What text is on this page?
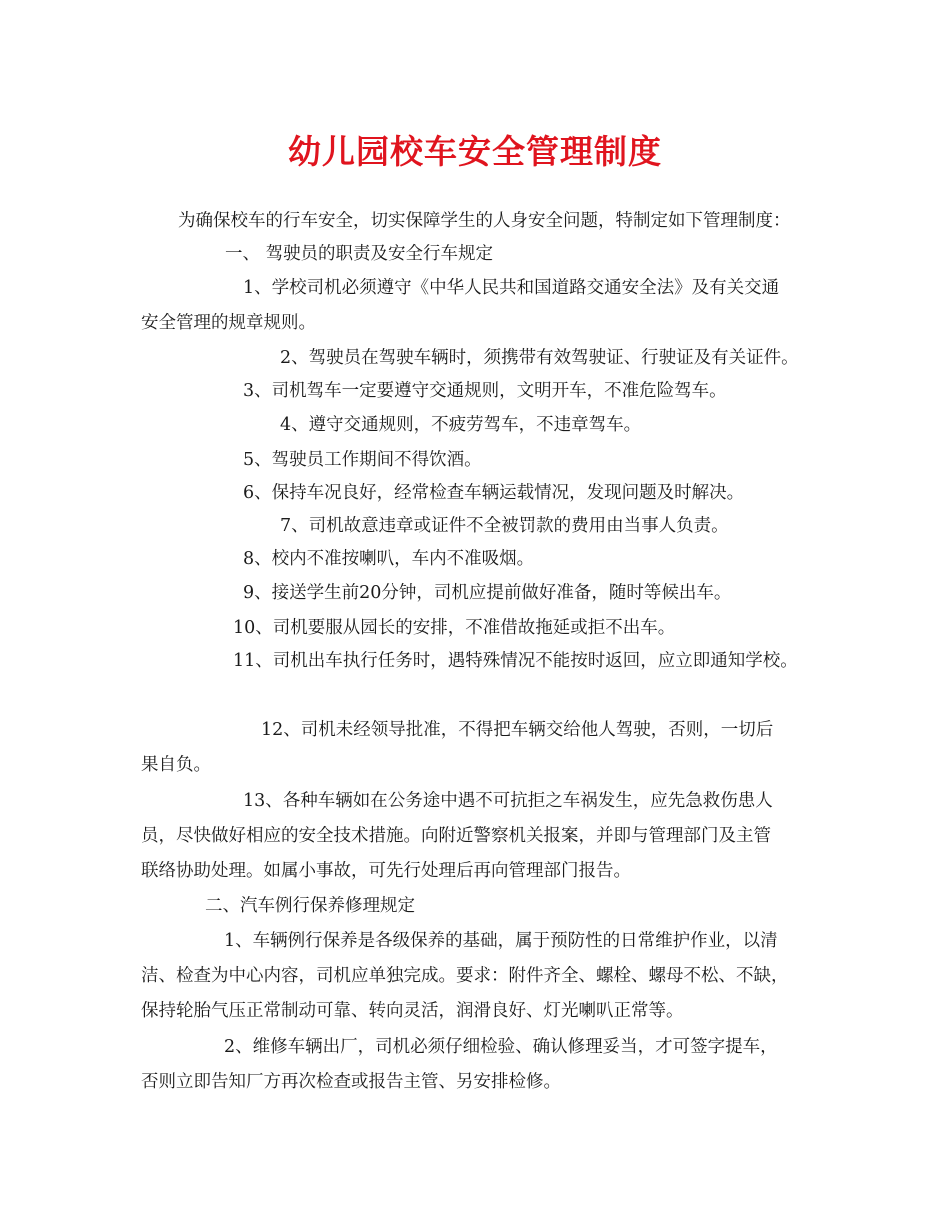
幼儿园校车安全管理制度
为确保校车的行车安全，切实保障学生的人身安全问题，特制定如下管理制度：
一、 驾驶员的职责及安全行车规定
1、学校司机必须遵守《中华人民共和国道路交通安全法》及有关交通
安全管理的规章规则。
2、驾驶员在驾驶车辆时，须携带有效驾驶证、行驶证及有关证件。
3、司机驾车一定要遵守交通规则，文明开车，不准危险驾车。
4、遵守交通规则，不疲劳驾车，不违章驾车。
5、驾驶员工作期间不得饮酒。
6、保持车况良好，经常检查车辆运载情况，发现问题及时解决。
7、司机故意违章或证件不全被罚款的费用由当事人负责。
8、校内不准按喇叭，车内不准吸烟。
9、接送学生前20分钟，司机应提前做好准备，随时等候出车。
10、司机要服从园长的安排，不准借故拖延或拒不出车。
11、司机出车执行任务时，遇特殊情况不能按时返回，应立即通知学校。
12、司机未经领导批准，不得把车辆交给他人驾驶，否则，一切后
果自负。
13、各种车辆如在公务途中遇不可抗拒之车祸发生，应先急救伤患人
员，尽快做好相应的安全技术措施。向附近警察机关报案，并即与管理部门及主管
联络协助处理。如属小事故，可先行处理后再向管理部门报告。
二、汽车例行保养修理规定
1、车辆例行保养是各级保养的基础，属于预防性的日常维护作业，以清
洁、检查为中心内容，司机应单独完成。要求：附件齐全、螺栓、螺母不松、不缺，
保持轮胎气压正常制动可靠、转向灵活，润滑良好、灯光喇叭正常等。
2、维修车辆出厂，司机必须仔细检验、确认修理妥当，才可签字提车，
否则立即告知厂方再次检查或报告主管、另安排检修。
